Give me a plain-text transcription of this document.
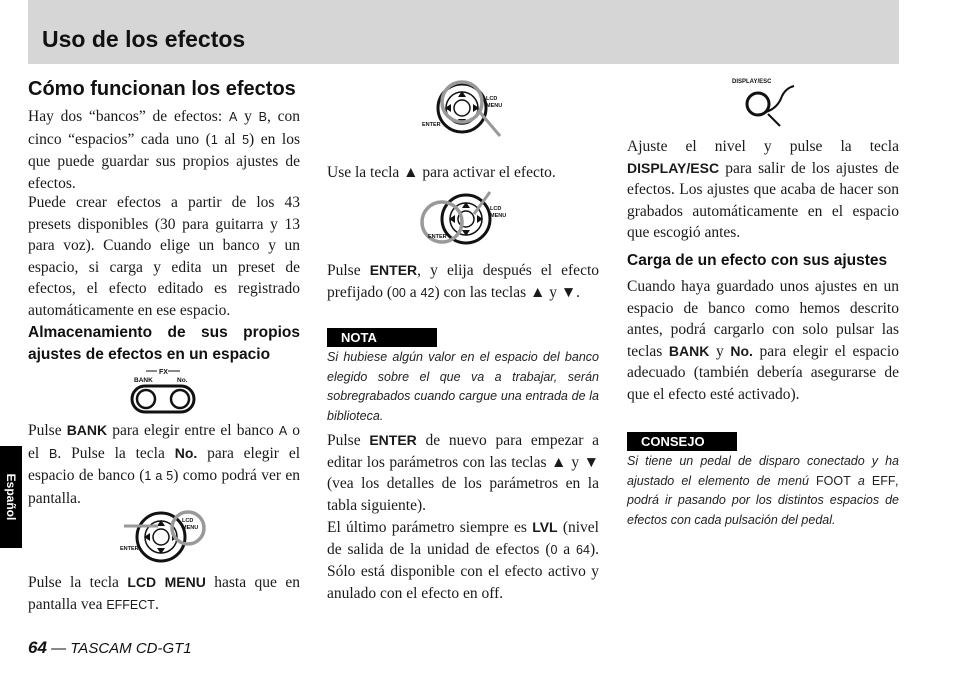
Uso de los efectos
Español
Cómo funcionan los efectos

Hay dos “bancos” de efectos: A y B, con cinco “espacios” cada uno (1 al 5) en los que puede guardar sus propios ajustes de efectos.

Puede crear efectos a partir de los 43 presets disponibles (30 para guitarra y 13 para voz). Cuando elige un banco y un espacio, si carga y edita un preset de efectos, el efecto editado es registrado automáticamente en ese espacio.

Almacenamiento de sus propios ajustes de efectos en un espacio
FX
BANK	No.

Pulse BANK para elegir entre el banco A o el B. Pulse la tecla No. para elegir el espacio de banco (1 a 5) como podrá ver en pantalla.

LCD
MENU
ENTER

Pulse la tecla LCD MENU hasta que en pantalla vea EFFECT.

LCD
MENU
ENTER

Use la tecla ▲ para activar el efecto.

LCD
MENU
ENTER

Pulse ENTER, y elija después el efecto prefijado (00 a 42) con las teclas ▲ y ▼.

NOTA

Si hubiese algún valor en el espacio del banco elegido sobre el que va a trabajar, serán sobregrabados cuando cargue una entrada de la biblioteca.

Pulse ENTER de nuevo para empezar a editar los parámetros con las teclas ▲ y ▼ (vea los detalles de los parámetros en la tabla siguiente).

El último parámetro siempre es LVL (nivel de salida de la unidad de efectos (0 a 64). Sólo está disponible con el efecto activo y anulado con el efecto en off.

DISPLAY/ESC

Ajuste el nivel y pulse la tecla DISPLAY/ESC para salir de los ajustes de efectos. Los ajustes que acaba de hacer son grabados automáticamente en el espacio que escogió antes.

Carga de un efecto con sus ajustes

Cuando haya guardado unos ajustes en un espacio de banco como hemos descrito antes, podrá cargarlo con solo pulsar las teclas BANK y No. para elegir el espacio adecuado (también debería asegurarse de que el efecto esté activado).

CONSEJO

Si tiene un pedal de disparo conectado y ha ajustado el elemento de menú FOOT a EFF, podrá ir pasando por los distintos espacios de efectos con cada pulsación del pedal.

64 — TASCAM CD-GT1
